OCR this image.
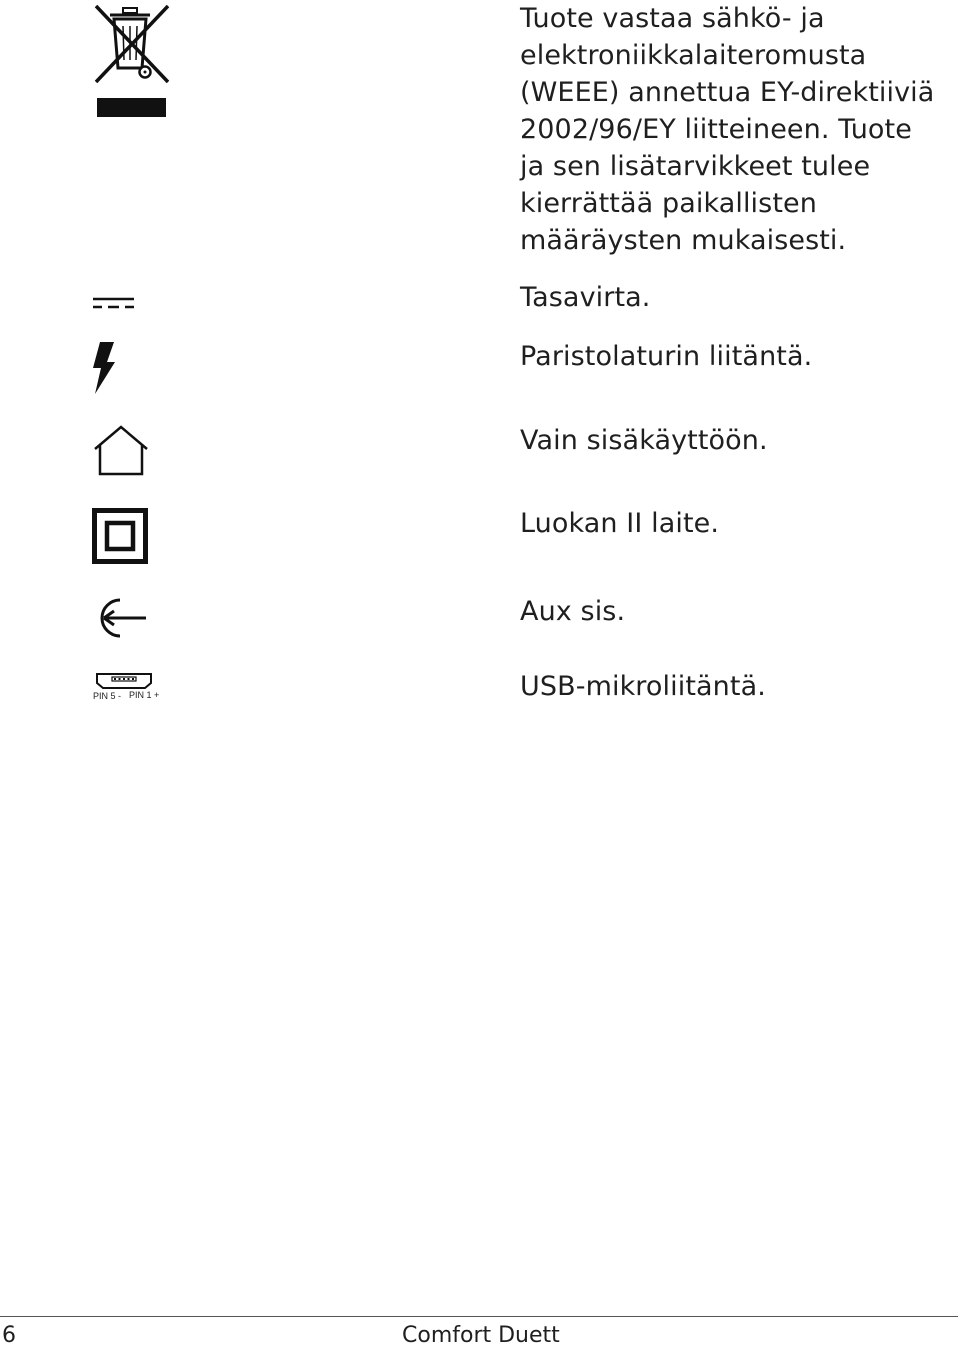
Tuote vastaa sähkö- ja elektroniikkalaiteromusta (WEEE) annettua EY-direktiiviä 2002/96/EY liitteineen. Tuote ja sen lisätarvikkeet tulee kierrättää paikallisten määräysten mukaisesti.

Tasavirta.

Paristolaturin liitäntä.

Vain sisäkäyttöön.

Luokan II laite.

Aux sis.

PIN 5 - PIN 1 +	USB-mikroliitäntä.

6	Comfort Duett
